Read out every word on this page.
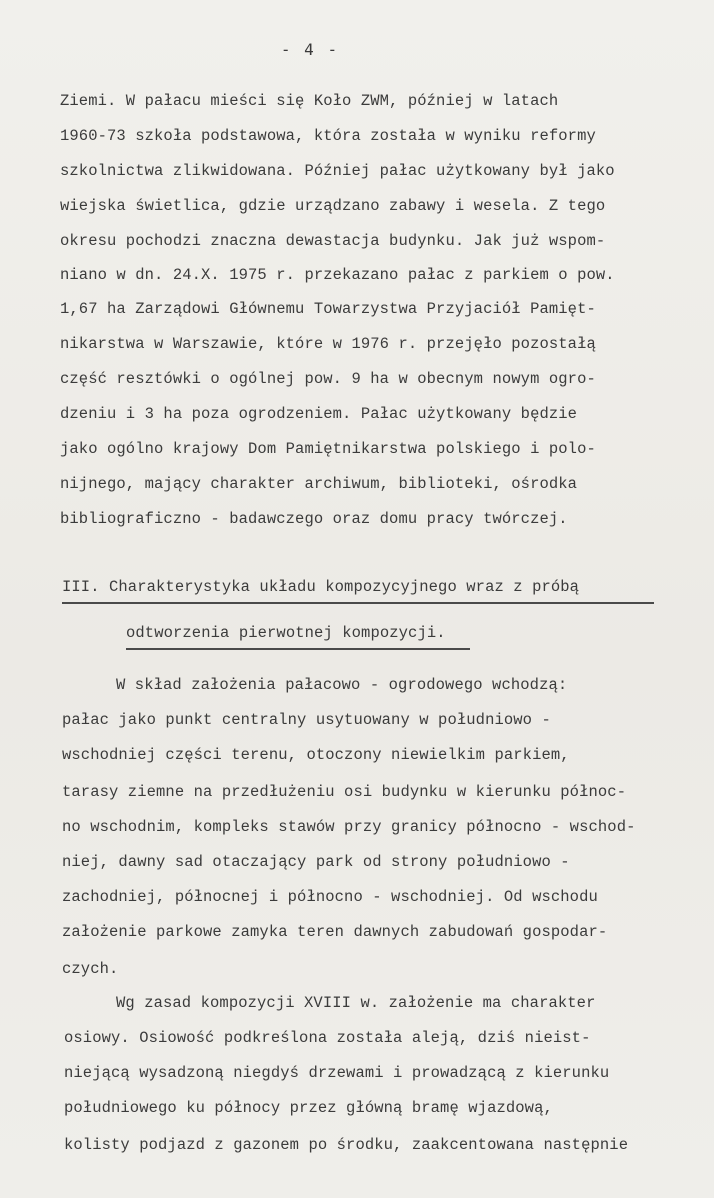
- 4 -
Ziemi. W pałacu mieści się Koło ZWM, później w latach
1960-73 szkoła podstawowa, która została w wyniku reformy
szkolnictwa zlikwidowana. Później pałac użytkowany był jako
wiejska świetlica, gdzie urządzano zabawy i wesela. Z tego
okresu pochodzi znaczna dewastacja budynku. Jak już wspom-
niano w dn. 24.X. 1975 r. przekazano pałac z parkiem o pow.
1,67 ha Zarządowi Głównemu Towarzystwa Przyjaciół Pamięt-
nikarstwa w Warszawie, które w 1976 r. przejęło pozostałą
część resztówki o ogólnej pow. 9 ha w obecnym nowym ogro-
dzeniu i 3 ha poza ogrodzeniem. Pałac użytkowany będzie
jako ogólno krajowy Dom Pamiętnikarstwa polskiego i polo-
nijnego, mający charakter archiwum, biblioteki, ośrodka
bibliograficzno - badawczego oraz domu pracy twórczej.
III. Charakterystyka układu kompozycyjnego wraz z próbą
odtworzenia pierwotnej kompozycji.
W skład założenia pałacowo - ogrodowego wchodzą:
pałac jako punkt centralny usytuowany w południowo -
wschodniej części terenu, otoczony niewielkim parkiem,
tarasy ziemne na przedłużeniu osi budynku w kierunku północ-
no wschodnim, kompleks stawów przy granicy północno - wschod-
niej, dawny sad otaczający park od strony południowo -
zachodniej, północnej i północno - wschodniej. Od wschodu
założenie parkowe zamyka teren dawnych zabudowań gospodar-
czych.
Wg zasad kompozycji XVIII w. założenie ma charakter
osiowy. Osiowość podkreślona została aleją, dziś nieist-
niejącą wysadzoną niegdyś drzewami i prowadzącą z kierunku
południowego ku północy przez główną bramę wjazdową,
kolisty podjazd z gazonem po środku, zaakcentowana następnie
